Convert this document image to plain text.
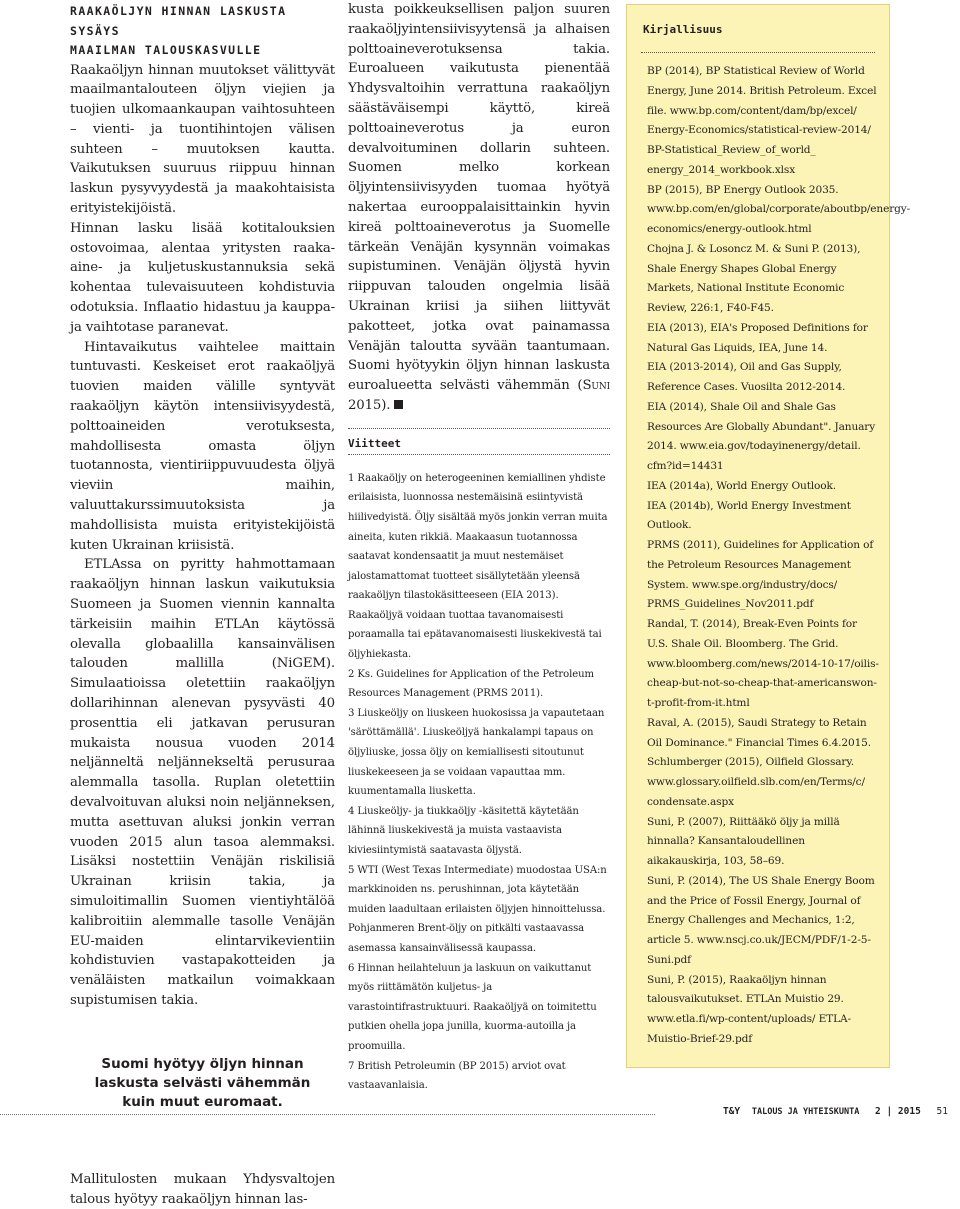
RAAKAÖLJYN HINNAN LASKUSTA SYSÄYS
MAAILMAN TALOUSKASVULLE

Raakaöljyn hinnan muutokset välittyvät maailmantalouteen öljyn viejien ja tuojien ulkomaankaupan vaihtosuhteen – vienti- ja tuontihintojen välisen suhteen – muutoksen kautta. Vaikutuksen suuruus riippuu hinnan laskun pysyvyydestä ja maakohtaisista erityistekijöistä.

Hinnan lasku lisää kotitalouksien ostovoimaa, alentaa yritysten raaka-aine- ja kuljetuskustannuksia sekä kohentaa tulevaisuuteen kohdistuvia odotuksia. Inflaatio hidastuu ja kauppa- ja vaihtotase paranevat.

Hintavaikutus vaihtelee maittain tuntuvasti. Keskeiset erot raakaöljyä tuovien maiden välille syntyvät raakaöljyn käytön intensiivisyydestä, polttoaineiden verotuksesta, mahdollisesta omasta öljyn tuotannosta, vientiriippuvuudesta öljyä vieviin maihin, valuuttakurssimuutoksista ja mahdollisista muista erityistekijöistä kuten Ukrainan kriisistä.

ETLAssa on pyritty hahmottamaan raakaöljyn hinnan laskun vaikutuksia Suomeen ja Suomen viennin kannalta tärkeisiin maihin ETLAn käytössä olevalla globaalilla kansainvälisen talouden mallilla (NiGEM). Simulaatioissa oletettiin raakaöljyn dollarihinnan alenevan pysyvästi 40 prosenttia eli jatkavan perusuran mukaista nousua vuoden 2014 neljänneltä neljännekseltä perusuraa alemmalla tasolla. Ruplan oletettiin devalvoituvan aluksi noin neljänneksen, mutta asettuvan aluksi jonkin verran vuoden 2015 alun tasoa alemmaksi. Lisäksi nostettiin Venäjän riskilisiä Ukrainan kriisin takia, ja simuloitimallin Suomen vientiyhtälöä kalibroitiin alemmalle tasolle Venäjän EU-maiden elintarvikevientiin kohdistuvien vastapakotteiden ja venäläisten matkailun voimakkaan supistumisen takia.

Suomi hyötyy öljyn hinnan laskusta selvästi vähemmän kuin muut euromaat.

Mallitulosten mukaan Yhdysvaltojen talous hyötyy raakaöljyn hinnan las-

kusta poikkeuksellisen paljon suuren raakaöljyintensiivisyytensä ja alhaisen polttoaineverotuksensa takia. Euroalueen vaikutusta pienentää Yhdysvaltoihin verrattuna raakaöljyn säästäväisempi käyttö, kireä polttoaineverotus ja euron devalvoituminen dollarin suhteen. Suomen melko korkean öljyintensiivisyyden tuomaa hyötyä nakertaa eurooppalaisittainkin hyvin kireä polttoaineverotus ja Suomelle tärkeän Venäjän kysynnän voimakas supistuminen. Venäjän öljystä hyvin riippuvan talouden ongelmia lisää Ukrainan kriisi ja siihen liittyvät pakotteet, jotka ovat painamassa Venäjän taloutta syvään taantumaan. Suomi hyötyykin öljyn hinnan laskusta euroalueetta selvästi vähemmän (Suni 2015).

Viitteet

1 Raakaöljy on heterogeeninen kemiallinen yhdiste erilaisista, luonnossa nestemäisinä esiintyvistä hiilivedyistä. Öljy sisältää myös jonkin verran muita aineita, kuten rikkiä. Maakaasun tuotannossa saatavat kondensaatit ja muut nestemäiset jalostamattomat tuotteet sisällytetään yleensä raakaöljyn tilastokäsitteeseen (EIA 2013). Raakaöljyä voidaan tuottaa tavanomaisesti poraamalla tai epätavanomaisesti liuskekivestä tai öljyhiekasta.

2 Ks. Guidelines for Application of the Petroleum Resources Management (PRMS 2011).

3 Liuskeöljy on liuskeen huokosissa ja vapautetaan 'säröttämällä'. Liuskeöljyä hankalampi tapaus on öljyliuske, jossa öljy on kemiallisesti sitoutunut liuskekeeseen ja se voidaan vapauttaa mm. kuumentamalla liusketta.

4 Liuskeöljy- ja tiukkaöljy -käsitettä käytetään lähinnä liuskekivestä ja muista vastaavista kiviesiintymistä saatavasta öljystä.

5 WTI (West Texas Intermediate) muodostaa USA:n markkinoiden ns. perushinnan, jota käytetään muiden laadultaan erilaisten öljyjen hinnoittelussa. Pohjanmeren Brent-öljy on pitkälti vastaavassa asemassa kansainvälisessä kaupassa.

6 Hinnan heilahteluun ja laskuun on vaikuttanut myös riittämätön kuljetus- ja varastointifrastruktuuri. Raakaöljyä on toimitettu putkien ohella jopa junilla, kuorma-autoilla ja proomuilla.

7 British Petroleumin (BP 2015) arviot ovat vastaavanlaisia.

Kirjallisuus

BP (2014), BP Statistical Review of World Energy, June 2014. British Petroleum. Excel file. www.bp.com/content/dam/bp/excel/ Energy-Economics/statistical-review-2014/ BP-Statistical_Review_of_world_ energy_2014_workbook.xlsx

BP (2015), BP Energy Outlook 2035. www.bp.com/en/global/corporate/aboutbp/energy-economics/energy-outlook.html

Chojna J. & Losoncz M. & Suni P. (2013), Shale Energy Shapes Global Energy Markets, National Institute Economic Review, 226:1, F40-F45.

EIA (2013), EIA's Proposed Definitions for Natural Gas Liquids, IEA, June 14.

EIA (2013-2014), Oil and Gas Supply, Reference Cases. Vuosilta 2012-2014.

EIA (2014), Shale Oil and Shale Gas Resources Are Globally Abundant". January 2014. www.eia.gov/todayinenergy/detail. cfm?id=14431

IEA (2014a), World Energy Outlook.

IEA (2014b), World Energy Investment Outlook.

PRMS (2011), Guidelines for Application of the Petroleum Resources Management System. www.spe.org/industry/docs/ PRMS_Guidelines_Nov2011.pdf

Randal, T. (2014), Break-Even Points for U.S. Shale Oil. Bloomberg. The Grid. www.bloomberg.com/news/2014-10-17/oilis-cheap-but-not-so-cheap-that-americanswon-t-profit-from-it.html

Raval, A. (2015), Saudi Strategy to Retain Oil Dominance." Financial Times 6.4.2015.

Schlumberger (2015), Oilfield Glossary. www.glossary.oilfield.slb.com/en/Terms/c/ condensate.aspx

Suni, P. (2007), Riittääkö öljy ja millä hinnalla? Kansantaloudellinen aikakauskirja, 103, 58–69.

Suni, P. (2014), The US Shale Energy Boom and the Price of Fossil Energy, Journal of Energy Challenges and Mechanics, 1:2, article 5. www.nscj.co.uk/JECM/PDF/1-2-5-Suni.pdf

Suni, P. (2015), Raakaöljyn hinnan talousvaikutukset. ETLAn Muistio 29. www.etla.fi/wp-content/uploads/ ETLA-Muistio-Brief-29.pdf

T&Y TALOUS JA YHTEISKUNTA 2 | 2015 51
